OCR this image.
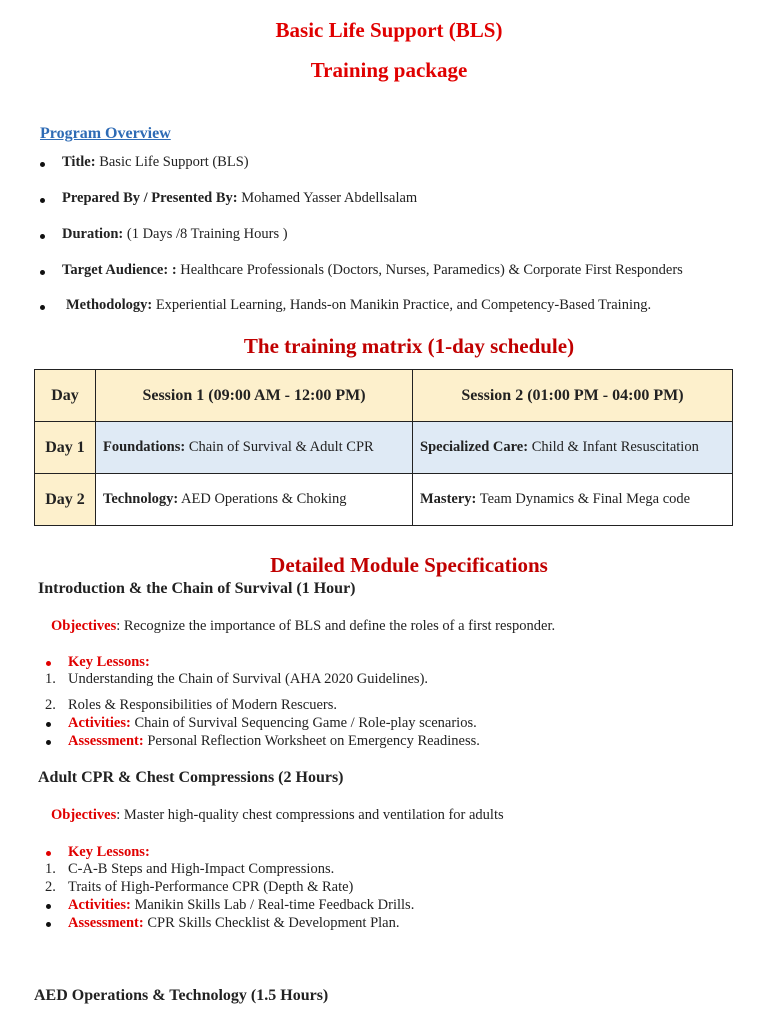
Basic Life Support (BLS)
Training package
Program Overview
Title: Basic Life Support (BLS)
Prepared By / Presented By: Mohamed Yasser Abdellsalam
Duration: (1 Days /8 Training Hours )
Target Audience: : Healthcare Professionals (Doctors, Nurses, Paramedics) & Corporate First Responders
Methodology: Experiential Learning, Hands-on Manikin Practice, and Competency-Based Training.
The training matrix (1-day schedule)
Day	Session 1 (09:00 AM - 12:00 PM)	Session 2 (01:00 PM - 04:00 PM)
Day 1	Foundations: Chain of Survival & Adult CPR	Specialized Care: Child & Infant Resuscitation
Day 2	Technology: AED Operations & Choking	Mastery: Team Dynamics & Final Mega code
Detailed Module Specifications
Introduction & the Chain of Survival (1 Hour)
Objectives: Recognize the importance of BLS and define the roles of a first responder.
Key Lessons:
1. Understanding the Chain of Survival (AHA 2020 Guidelines).
2. Roles & Responsibilities of Modern Rescuers.
Activities: Chain of Survival Sequencing Game / Role-play scenarios.
Assessment: Personal Reflection Worksheet on Emergency Readiness.
Adult CPR & Chest Compressions (2 Hours)
Objectives: Master high-quality chest compressions and ventilation for adults
Key Lessons:
1. C-A-B Steps and High-Impact Compressions.
2. Traits of High-Performance CPR (Depth & Rate)
Activities: Manikin Skills Lab / Real-time Feedback Drills.
Assessment: CPR Skills Checklist & Development Plan.
AED Operations & Technology (1.5 Hours)
